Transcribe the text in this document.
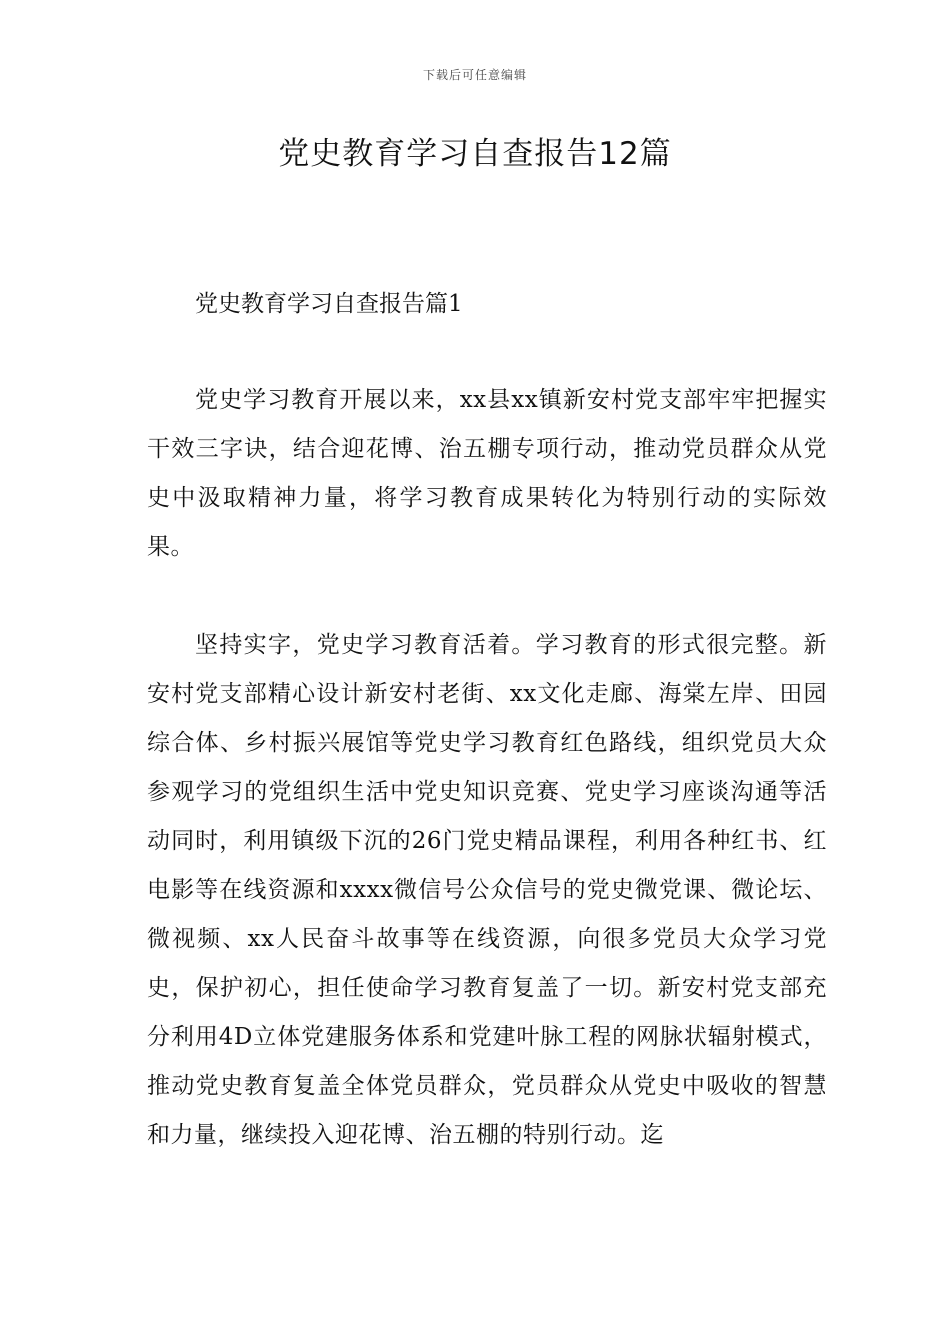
下载后可任意编辑
党史教育学习自查报告12篇

党史教育学习自查报告篇1

党史学习教育开展以来，xx县xx镇新安村党支部牢牢把握实干效三字诀，结合迎花博、治五棚专项行动，推动党员群众从党史中汲取精神力量，将学习教育成果转化为特别行动的实际效果。

坚持实字，党史学习教育活着。学习教育的形式很完整。新安村党支部精心设计新安村老街、xx文化走廊、海棠左岸、田园综合体、乡村振兴展馆等党史学习教育红色路线，组织党员大众参观学习的党组织生活中党史知识竞赛、党史学习座谈沟通等活动同时，利用镇级下沉的26门党史精品课程，利用各种红书、红电影等在线资源和xxxx微信号公众信号的党史微党课、微论坛、微视频、xx人民奋斗故事等在线资源，向很多党员大众学习党史，保护初心，担任使命学习教育复盖了一切。新安村党支部充分利用4D立体党建服务体系和党建叶脉工程的网脉状辐射模式，推动党史教育复盖全体党员群众，党员群众从党史中吸收的智慧和力量，继续投入迎花博、治五棚的特别行动。迄
